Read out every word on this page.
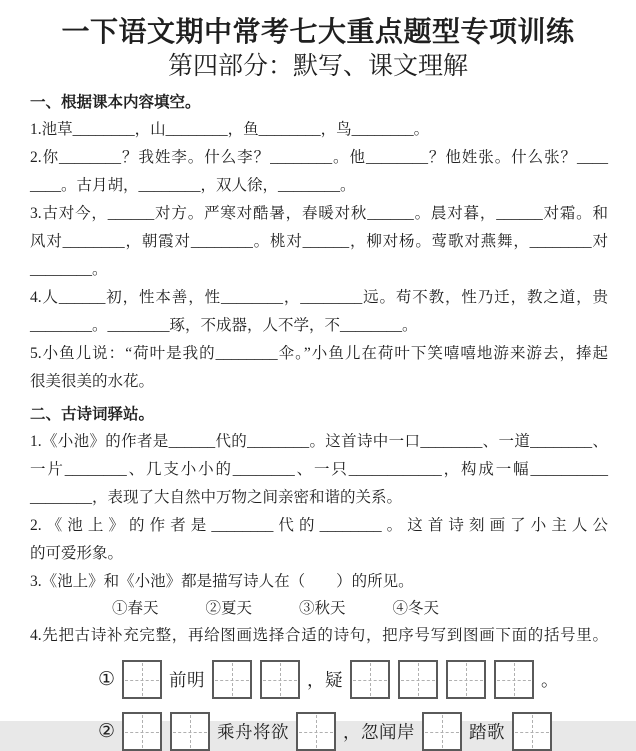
一下语文期中常考七大重点题型专项训练
第四部分：默写、课文理解
一、根据课本内容填空。
1.池草________，山________，鱼________，鸟________。
2.你________？我姓李。什么李？________。他________？他姓张。什么张？____
____。古月胡，________，双人徐，________。
3.古对今，______对方。严寒对酷暑，春暖对秋______。晨对暮，______对霜。和
风对________，朝霞对________。桃对______，柳对杨。莺歌对燕舞，________对
________。
4.人______初，性本善，性________，________远。苟不教，性乃迁，教之道，贵
________。________琢，不成器，人不学，不________。
5.小鱼儿说：“荷叶是我的________伞。”小鱼儿在荷叶下笑嘻嘻地游来游去，捧起
很美很美的水花。
二、古诗词驿站。
1.《小池》的作者是______代的________。这首诗中一口________、一道________、
一片________、几支小小的________、一只____________，构成一幅__________
________，表现了大自然中万物之间亲密和谐的关系。
2.《池上》的作者是________代的________。这首诗刻画了小主人公
的可爱形象。
3.《池上》和《小池》都是描写诗人在（　　）的所见。
①春天	②夏天	③秋天	④冬天
4.先把古诗补充完整，再给图画选择合适的诗句，把序号写到图画下面的括号里。
①	前明	，疑	。
②	乘舟将欲	，忽闻岸	踏歌
